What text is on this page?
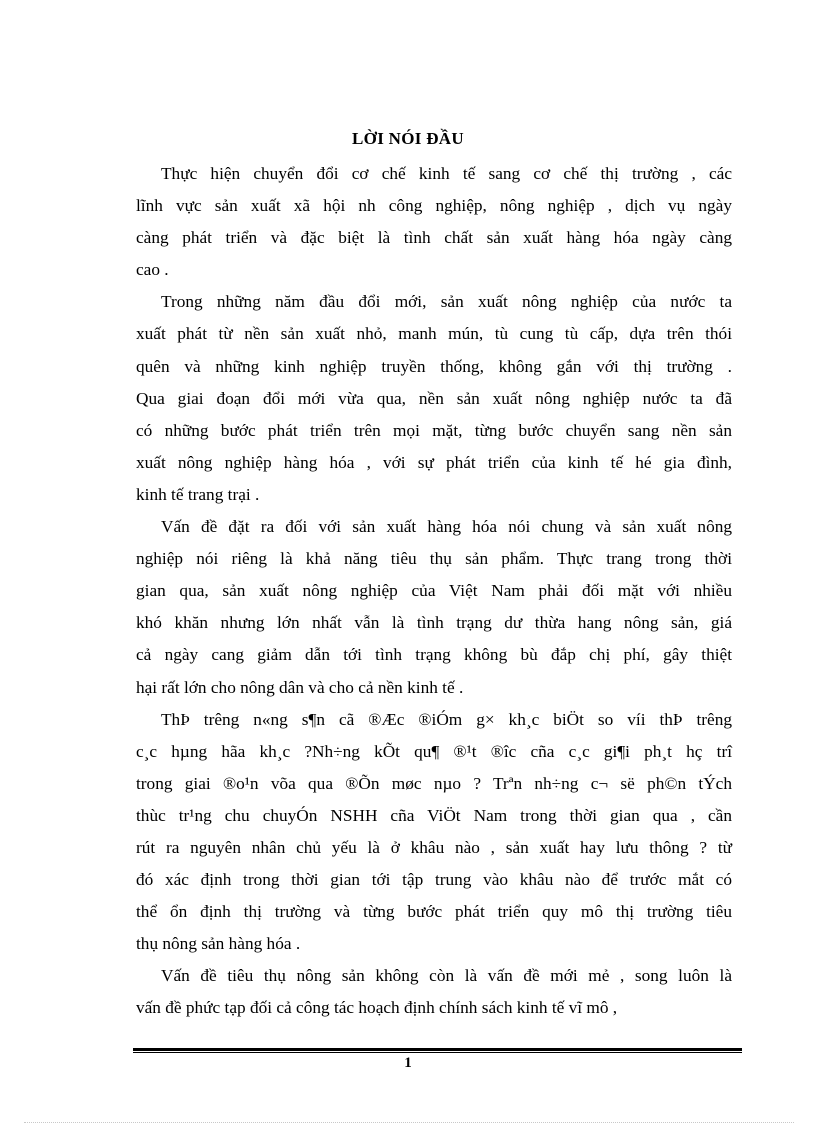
LỜI NÓI ĐẦU
Thực hiện chuyển đổi cơ chế kinh tế sang cơ chế thị trường , các
lĩnh vực sản xuất xã hội nh công nghiệp, nông nghiệp , dịch vụ ngày
càng phát triển và đặc biệt là tình chất sản xuất hàng hóa ngày càng
cao .
Trong những năm đầu đổi mới, sản xuất nông nghiệp của nước ta
xuất phát từ nền sản xuất nhỏ, manh mún, tù cung tù cấp, dựa trên thói
quên và những kinh nghiệp truyền thống, không gắn với thị trường .
Qua giai đoạn đổi mới vừa qua, nền sản xuất nông nghiệp nước ta đã
có những bước phát triển trên mọi mặt, từng bước chuyển sang nền sản
xuất nông nghiệp hàng hóa , với sự phát triển của kinh tế hé gia đình,
kinh tế trang trại .
Vấn đề đặt ra đối với sản xuất hàng hóa nói chung và sản xuất nông
nghiệp nói riêng là khả năng tiêu thụ sản phẩm. Thực trang trong thời
gian qua, sản xuất nông nghiệp của Việt Nam phải đối mặt với nhiều
khó khăn nhưng lớn nhất vẫn là tình trạng dư thừa hang nông sản, giá
cả ngày cang giảm dẫn tới tình trạng không bù đắp chị phí, gây thiệt
hại rất lớn cho nông dân và cho cả nền kinh tế .
ThÞ trêng n«ng s¶n cã ®Æc ®iÓm g× kh¸c biÖt so víi thÞ trêng
c¸c hµng hãa kh¸c ?Nh÷ng kÕt qu¶ ®¹t ®îc cña c¸c gi¶i ph¸t hç trî
trong giai ®o¹n võa qua ®Õn møc nµo ? Trªn nh÷ng c¬ së ph©n tÝch
thùc tr¹ng chu chuyÓn NSHH cña ViÖt Nam trong thời gian qua , cần
rút ra nguyên nhân chủ yếu là ở khâu nào , sản xuất hay lưu thông ? từ
đó xác định trong thời gian tới tập trung vào khâu nào để trước mắt có
thể ổn định thị trường và từng bước phát triển quy mô thị trường tiêu
thụ nông sản hàng hóa .
Vấn đề tiêu thụ nông sản không còn là vấn đề mới mẻ , song luôn là
vấn đề phức tạp đối cả công tác hoạch định chính sách kinh tế vĩ mô ,
1
